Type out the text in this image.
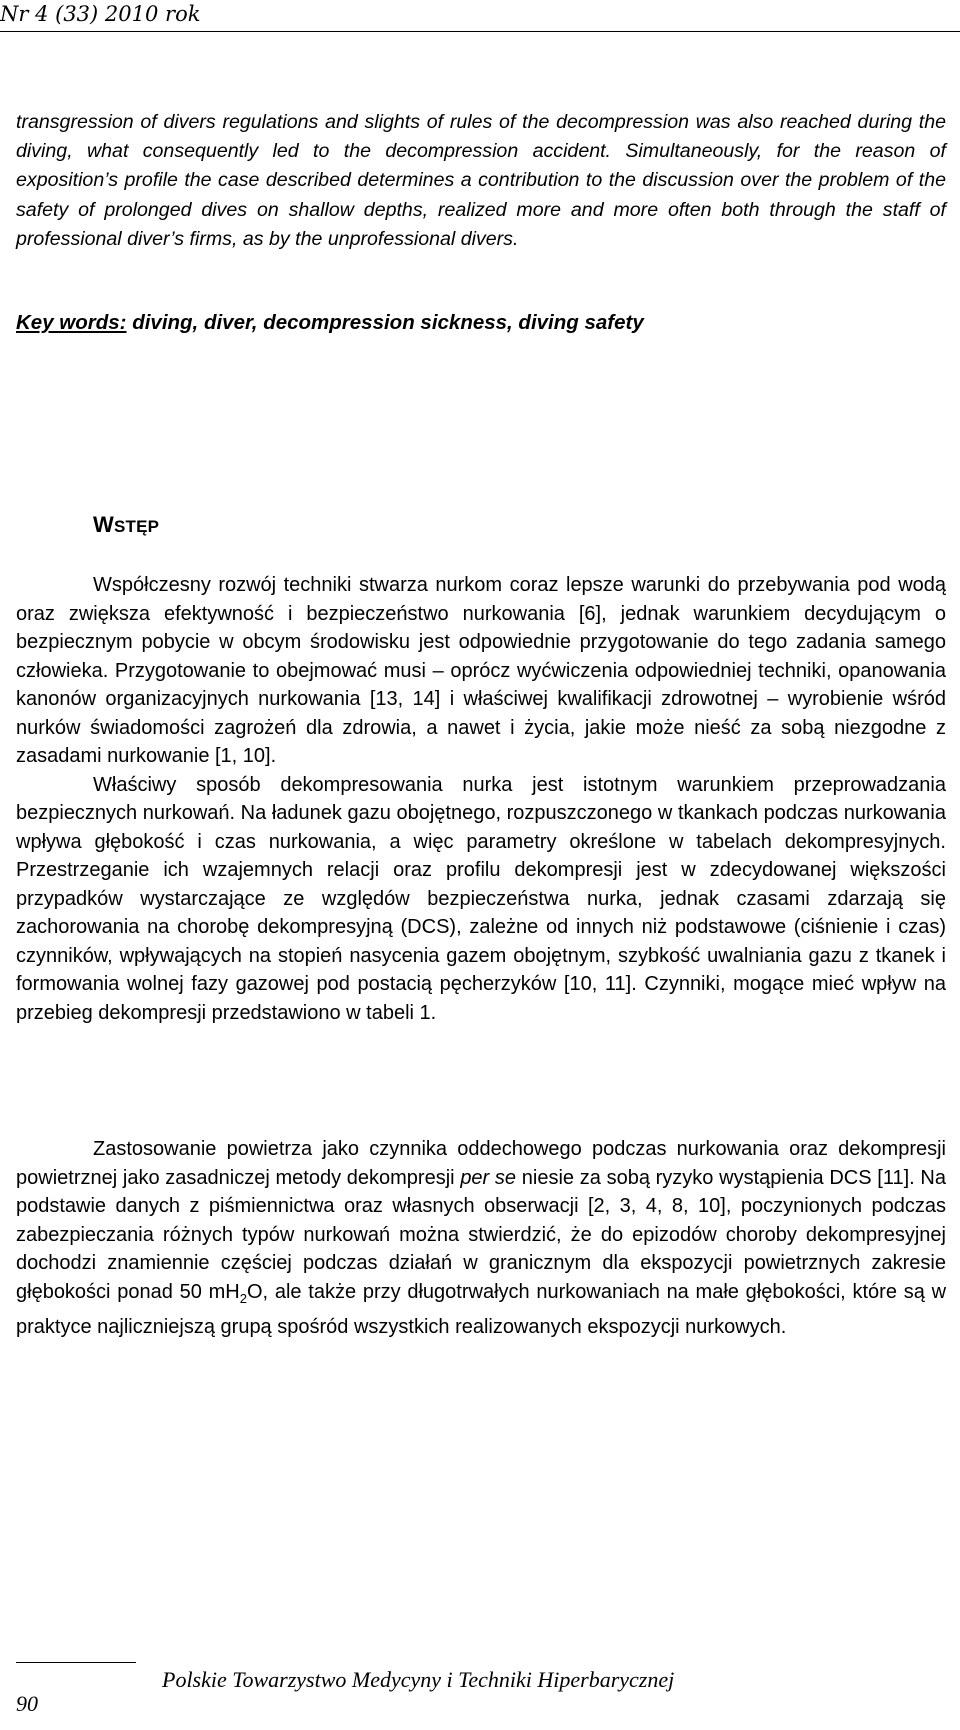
Nr 4 (33) 2010 rok
transgression of divers regulations and slights of rules of the decompression was also reached during the diving, what consequently led to the decompression accident. Simultaneously, for the reason of exposition’s profile the case described determines a contribution to the discussion over the problem of the safety of prolonged dives on shallow depths, realized more and more often both through the staff of professional diver’s firms, as by the unprofessional divers.
Key words: diving, diver, decompression sickness, diving safety
WSTĘP
Współczesny rozwój techniki stwarza nurkom coraz lepsze warunki do przebywania pod wodą oraz zwiększa efektywność i bezpieczeństwo nurkowania [6], jednak warunkiem decydującym o bezpiecznym pobycie w obcym środowisku jest odpowiednie przygotowanie do tego zadania samego człowieka. Przygotowanie to obejmować musi – oprócz wyćwiczenia odpowiedniej techniki, opanowania kanonów organizacyjnych nurkowania [13, 14] i właściwej kwalifikacji zdrowotnej – wyrobienie wśród nurków świadomości zagrożeń dla zdrowia, a nawet i życia, jakie może nieść za sobą niezgodne z zasadami nurkowanie [1, 10].
Właściwy sposób dekompresowania nurka jest istotnym warunkiem przeprowadzania bezpiecznych nurkowań. Na ładunek gazu obojętnego, rozpuszczonego w tkankach podczas nurkowania wpływa głębokość i czas nurkowania, a więc parametry określone w tabelach dekompresyjnych. Przestrzeganie ich wzajemnych relacji oraz profilu dekompresji jest w zdecydowanej większości przypadków wystarczające ze względów bezpieczeństwa nurka, jednak czasami zdarzają się zachorowania na chorobę dekompresyjną (DCS), zależne od innych niż podstawowe (ciśnienie i czas) czynników, wpływających na stopień nasycenia gazem obojętnym, szybkość uwalniania gazu z tkanek i formowania wolnej fazy gazowej pod postacią pęcherzyków [10, 11]. Czynniki, mogące mieć wpływ na przebieg dekompresji przedstawiono w tabeli 1.
Zastosowanie powietrza jako czynnika oddechowego podczas nurkowania oraz dekompresji powietrznej jako zasadniczej metody dekompresji per se niesie za sobą ryzyko wystąpienia DCS [11]. Na podstawie danych z piśmiennictwa oraz własnych obserwacji [2, 3, 4, 8, 10], poczynionych podczas zabezpieczania różnych typów nurkowań można stwierdzić, że do epizodów choroby dekompresyjnej dochodzi znamiennie częściej podczas działań w granicznym dla ekspozycji powietrznych zakresie głębokości ponad 50 $mH_2O$, ale także przy długotrwałych nurkowaniach na małe głębokości, które są w praktyce najliczniejszą grupą spośród wszystkich realizowanych ekspozycji nurkowych.
Polskie Towarzystwo Medycyny i Techniki Hiperbarycznej
90
